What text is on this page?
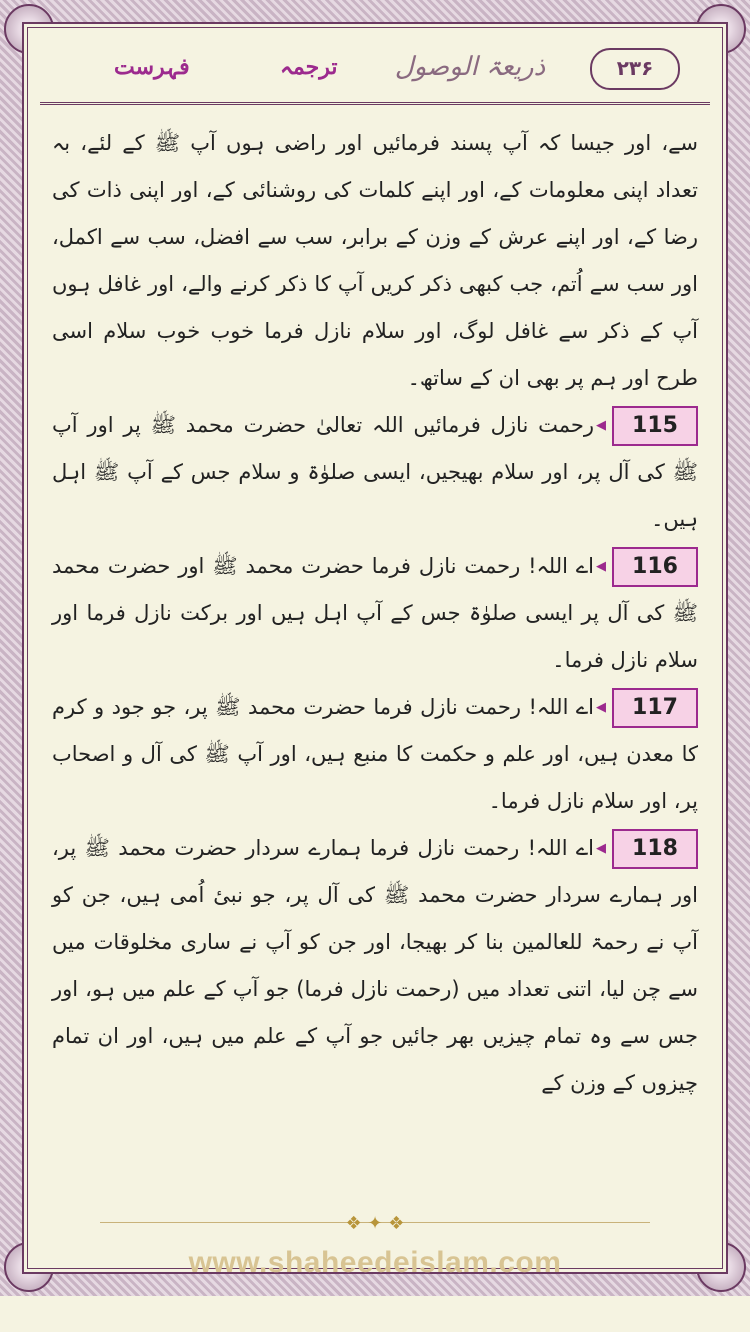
۲۳۶
ذریعۃ الوصول
ترجمہ
فہرست

سے، اور جیسا کہ آپ پسند فرمائیں اور راضی ہوں آپ ﷺ کے لئے، بہ تعداد اپنی معلومات کے، اور اپنے کلمات کی روشنائی کے، اور اپنی ذات کی رضا کے، اور اپنے عرش کے وزن کے برابر، سب سے افضل، سب سے اکمل، اور سب سے اُتم، جب کبھی ذکر کریں آپ کا ذکر کرنے والے، اور غافل ہوں آپ کے ذکر سے غافل لوگ، اور سلام نازل فرما خوب خوب سلام اسی طرح اور ہم پر بھی ان کے ساتھ۔

115 ◀رحمت نازل فرمائیں اللہ تعالیٰ حضرت محمد ﷺ پر اور آپ ﷺ کی آل پر، اور سلام بھیجیں، ایسی صلوٰۃ و سلام جس کے آپ ﷺ اہل ہیں۔

116 ◀اے اللہ! رحمت نازل فرما حضرت محمد ﷺ اور حضرت محمد ﷺ کی آل پر ایسی صلوٰۃ جس کے آپ اہل ہیں اور برکت نازل فرما اور سلام نازل فرما۔

117 ◀اے اللہ! رحمت نازل فرما حضرت محمد ﷺ پر، جو جود و کرم کا معدن ہیں، اور علم و حکمت کا منبع ہیں، اور آپ ﷺ کی آل و اصحاب پر، اور سلام نازل فرما۔

118 ◀اے اللہ! رحمت نازل فرما ہمارے سردار حضرت محمد ﷺ پر، اور ہمارے سردار حضرت محمد ﷺ کی آل پر، جو نبیٔ اُمی ہیں، جن کو آپ نے رحمۃ للعالمین بنا کر بھیجا، اور جن کو آپ نے ساری مخلوقات میں سے چن لیا، اتنی تعداد میں (رحمت نازل فرما) جو آپ کے علم میں ہو، اور جس سے وہ تمام چیزیں بھر جائیں جو آپ کے علم میں ہیں، اور ان تمام چیزوں کے وزن کے

❖ ✦ ❖
www.shaheedeislam.com
